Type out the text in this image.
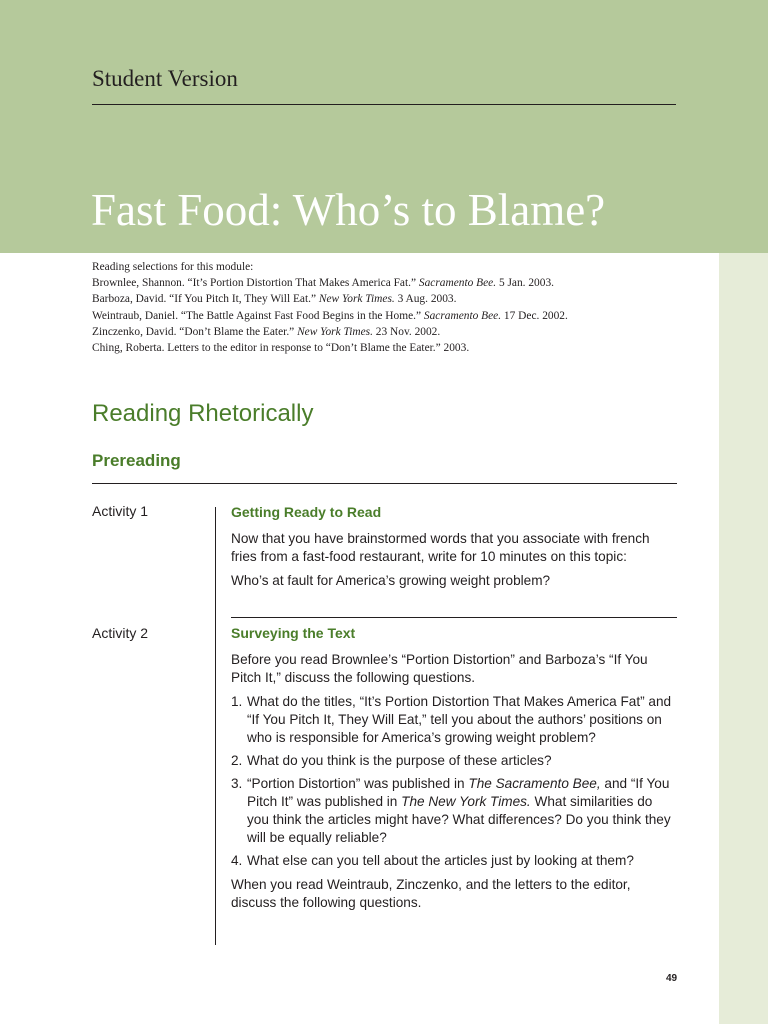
Student Version
Fast Food: Who’s to Blame?
Reading selections for this module:
Brownlee, Shannon. “It’s Portion Distortion That Makes America Fat.” Sacramento Bee. 5 Jan. 2003.
Barboza, David. “If You Pitch It, They Will Eat.” New York Times. 3 Aug. 2003.
Weintraub, Daniel. “The Battle Against Fast Food Begins in the Home.” Sacramento Bee. 17 Dec. 2002.
Zinczenko, David. “Don’t Blame the Eater.” New York Times. 23 Nov. 2002.
Ching, Roberta. Letters to the editor in response to “Don’t Blame the Eater.” 2003.
Reading Rhetorically
Prereading
Activity 1	Getting Ready to Read

Now that you have brainstormed words that you associate with french fries from a fast-food restaurant, write for 10 minutes on this topic:

Who’s at fault for America’s growing weight problem?

Activity 2	Surveying the Text

Before you read Brownlee’s “Portion Distortion” and Barboza’s “If You Pitch It,” discuss the following questions.

1. What do the titles, “It’s Portion Distortion That Makes America Fat” and “If You Pitch It, They Will Eat,” tell you about the authors’ positions on who is responsible for America’s growing weight problem?
2. What do you think is the purpose of these articles?
3. “Portion Distortion” was published in The Sacramento Bee, and “If You Pitch It” was published in The New York Times. What similarities do you think the articles might have? What differences? Do you think they will be equally reliable?
4. What else can you tell about the articles just by looking at them?

When you read Weintraub, Zinczenko, and the letters to the editor, discuss the following questions.

49
